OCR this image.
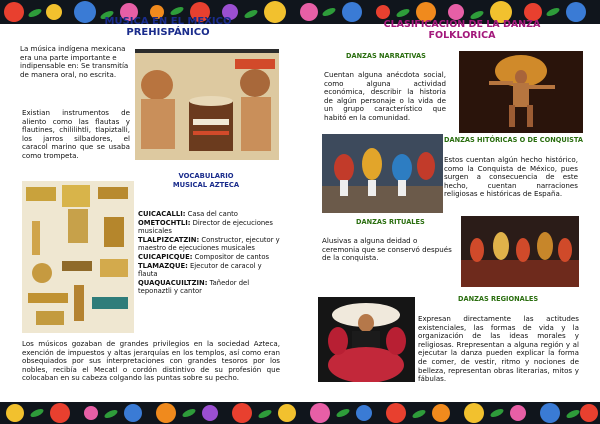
MUSICA EN EL MEXICO
PREHISPÁNICO
La música indígena mexicana era una parte importante e indipensable en: Se transmitía de manera oral, no escrita.
Existian instrumentos de aliento como las flautas y flautines, chililihtli, tlapiztalli, los jarros silbadores, el caracol marino que se usaba como trompeta.
VOCABULARIO
MUSICAL AZTECA
CUICACALLI: Casa del canto
OMETOCHTLI: Director de ejecuciones musicales
TLALPIZCATZIN: Constructor, ejecutor y maestro de ejecuciones musicales
CUICAPICQUE: Compositor de cantos
TLAMAZQUE: Ejecutor de caracol y flauta
QUAQUACUILTZIN: Tañedor del teponaztli y cantor
Los músicos gozaban de grandes privilegios en la sociedad Azteca, exención de impuestos y altas jerarquías en los templos, así como eran obsequiados por sus interpretaciones con grandes tesoros por los nobles, recibía el Mecatl o cordón distintivo de su profesión que colocaban en su cabeza colgando las puntas sobre su pecho.
CLASIFICACION DE LA DANZA
FOLKLORICA
DANZAS NARRATIVAS
Cuentan alguna anécdota social, como alguna actividad económica, describir la historia de algún personaje o la vida de un grupo característico que habitó en la comunidad.
DANZAS HITÓRICAS O DE CONQUISTA
Estos cuentan algún hecho histórico, como la Conquista de México, pues surgen a consecuencia de este hecho, cuentan narraciones religiosas e históricas de España.
DANZAS RITUALES
Alusivas a alguna deidad o ceremonia que se conservó después de la conquista.
DANZAS REGIONALES
Expresan directamente las actitudes existenciales, las formas de vida y la organización de las ideas morales y religiosas. Rrepresentan a alguna región y al ejecutar la danza pueden explicar la forma de comer, de vestir, ritmo y nociones de belleza, representan obras literarias, mitos y fábulas.
